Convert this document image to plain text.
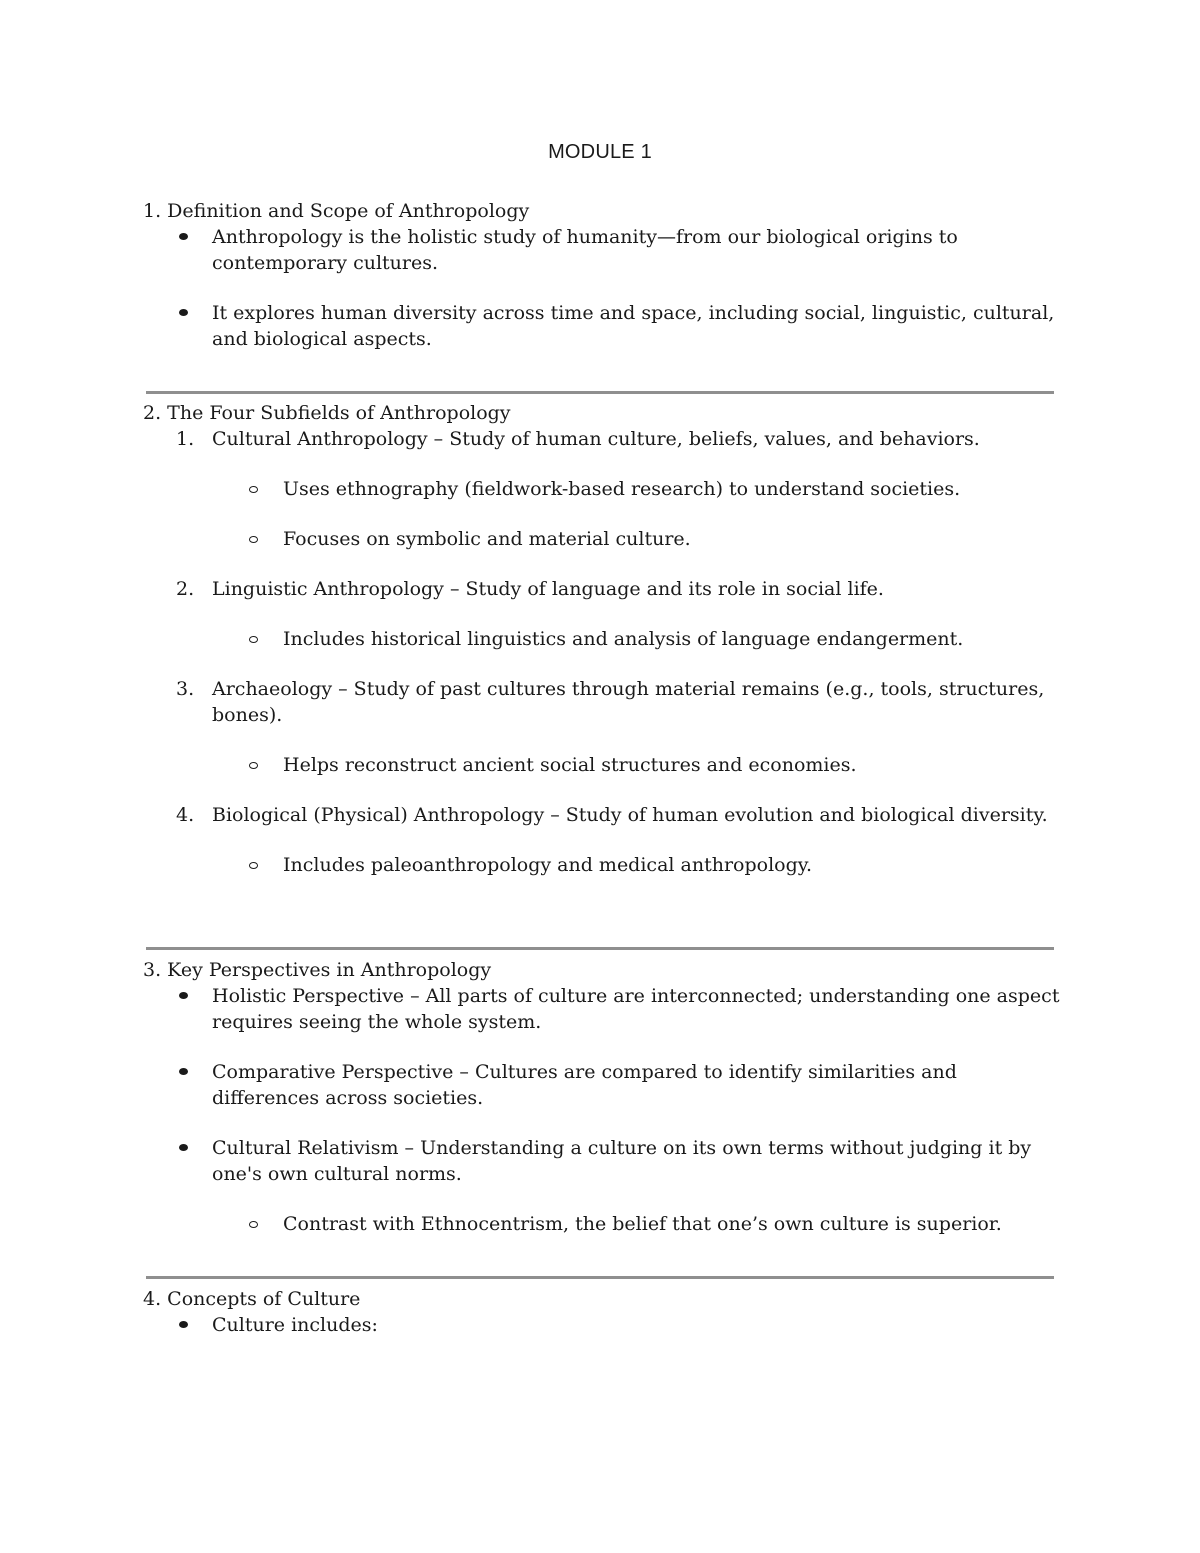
MODULE 1

1. Definition and Scope of Anthropology

Anthropology is the holistic study of humanity—from our biological origins to contemporary cultures.
It explores human diversity across time and space, including social, linguistic, cultural, and biological aspects.

2. The Four Subfields of Anthropology

1. Cultural Anthropology – Study of human culture, beliefs, values, and behaviors.
Uses ethnography (fieldwork-based research) to understand societies.
Focuses on symbolic and material culture.
2. Linguistic Anthropology – Study of language and its role in social life.
Includes historical linguistics and analysis of language endangerment.
3. Archaeology – Study of past cultures through material remains (e.g., tools, structures, bones).
Helps reconstruct ancient social structures and economies.
4. Biological (Physical) Anthropology – Study of human evolution and biological diversity.
Includes paleoanthropology and medical anthropology.

3. Key Perspectives in Anthropology

Holistic Perspective – All parts of culture are interconnected; understanding one aspect requires seeing the whole system.
Comparative Perspective – Cultures are compared to identify similarities and differences across societies.
Cultural Relativism – Understanding a culture on its own terms without judging it by one's own cultural norms.
Contrast with Ethnocentrism, the belief that one’s own culture is superior.

4. Concepts of Culture

Culture includes:
